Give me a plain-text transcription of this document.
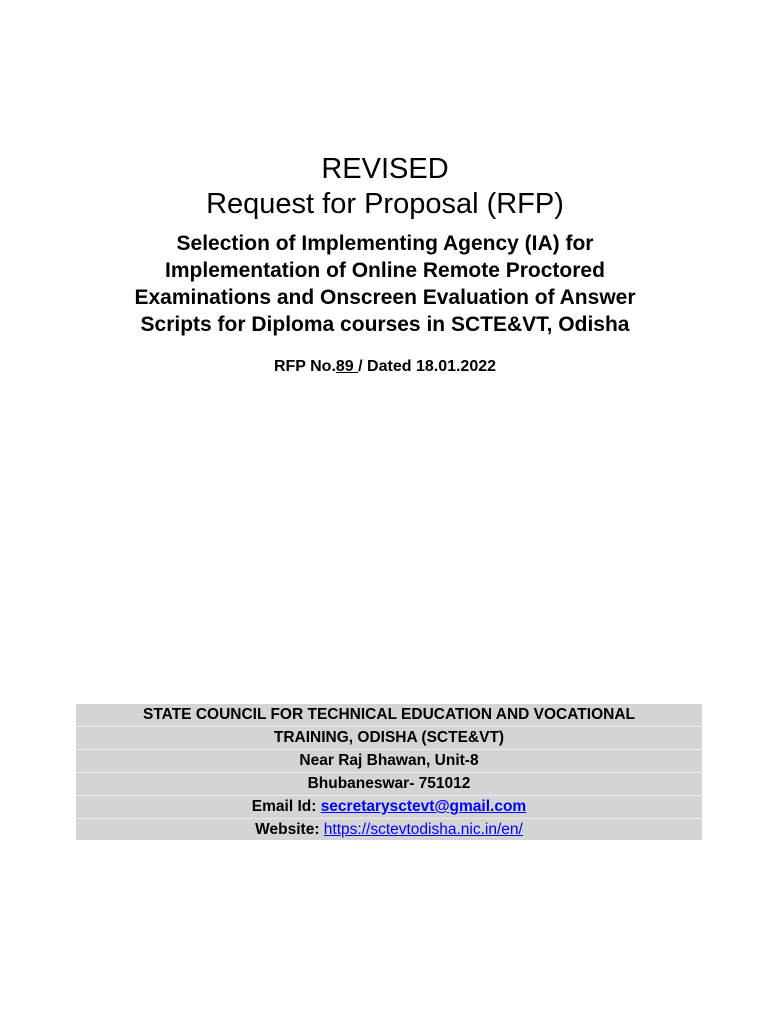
REVISED

Request for Proposal (RFP)

Selection of Implementing Agency (IA) for
Implementation of Online Remote Proctored
Examinations and Onscreen Evaluation of Answer
Scripts for Diploma courses in SCTE&VT, Odisha
RFP No.89 / Dated 18.01.2022
STATE COUNCIL FOR TECHNICAL EDUCATION AND VOCATIONAL
TRAINING, ODISHA (SCTE&VT)
Near Raj Bhawan, Unit-8
Bhubaneswar- 751012
Email Id: secretarysctevt@gmail.com
Website: https://sctevtodisha.nic.in/en/
